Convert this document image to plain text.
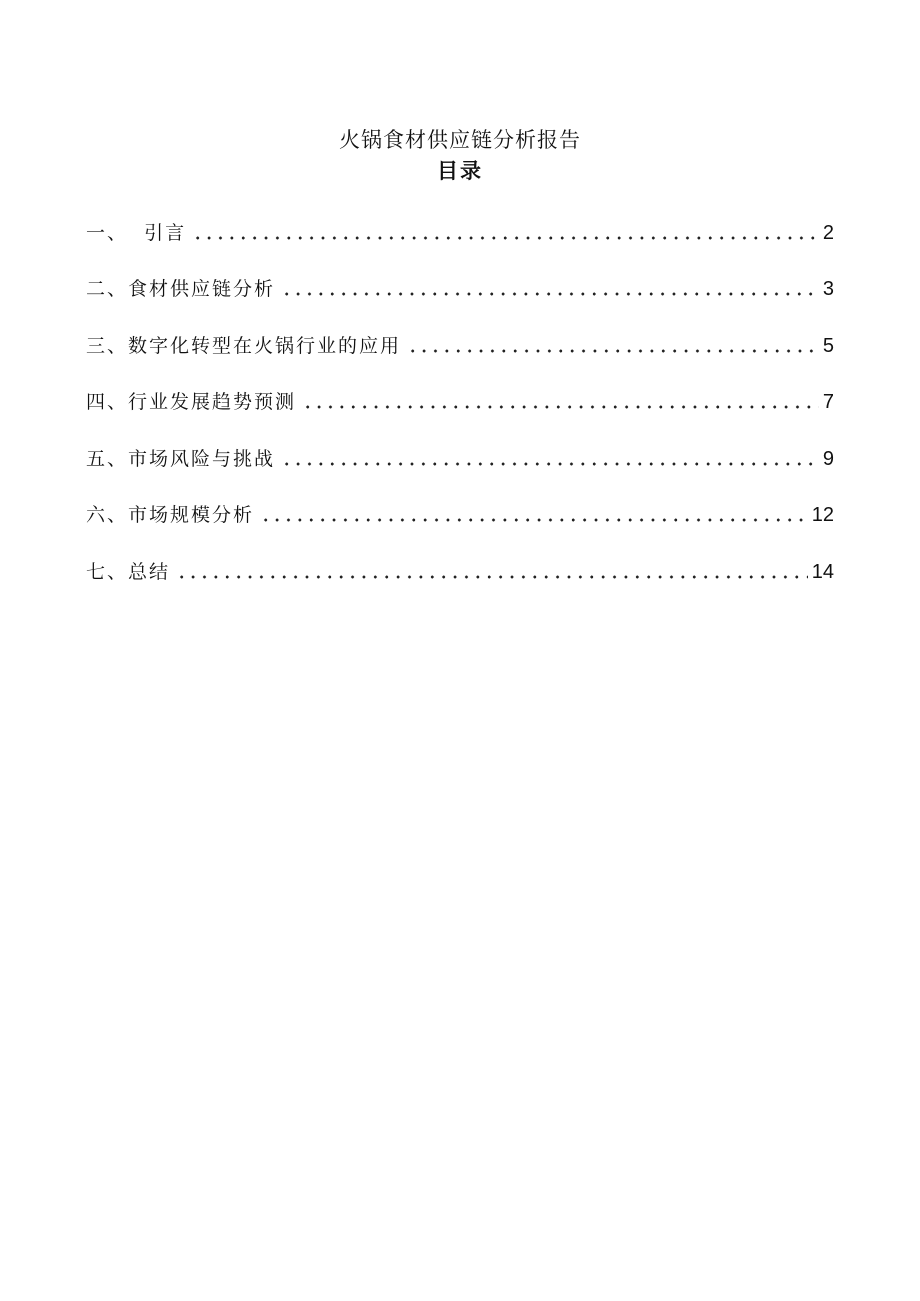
火锅食材供应链分析报告
目录
一、  引言	2
二、食材供应链分析	3
三、数字化转型在火锅行业的应用	5
四、行业发展趋势预测	7
五、市场风险与挑战	9
六、市场规模分析	12
七、总结	14
